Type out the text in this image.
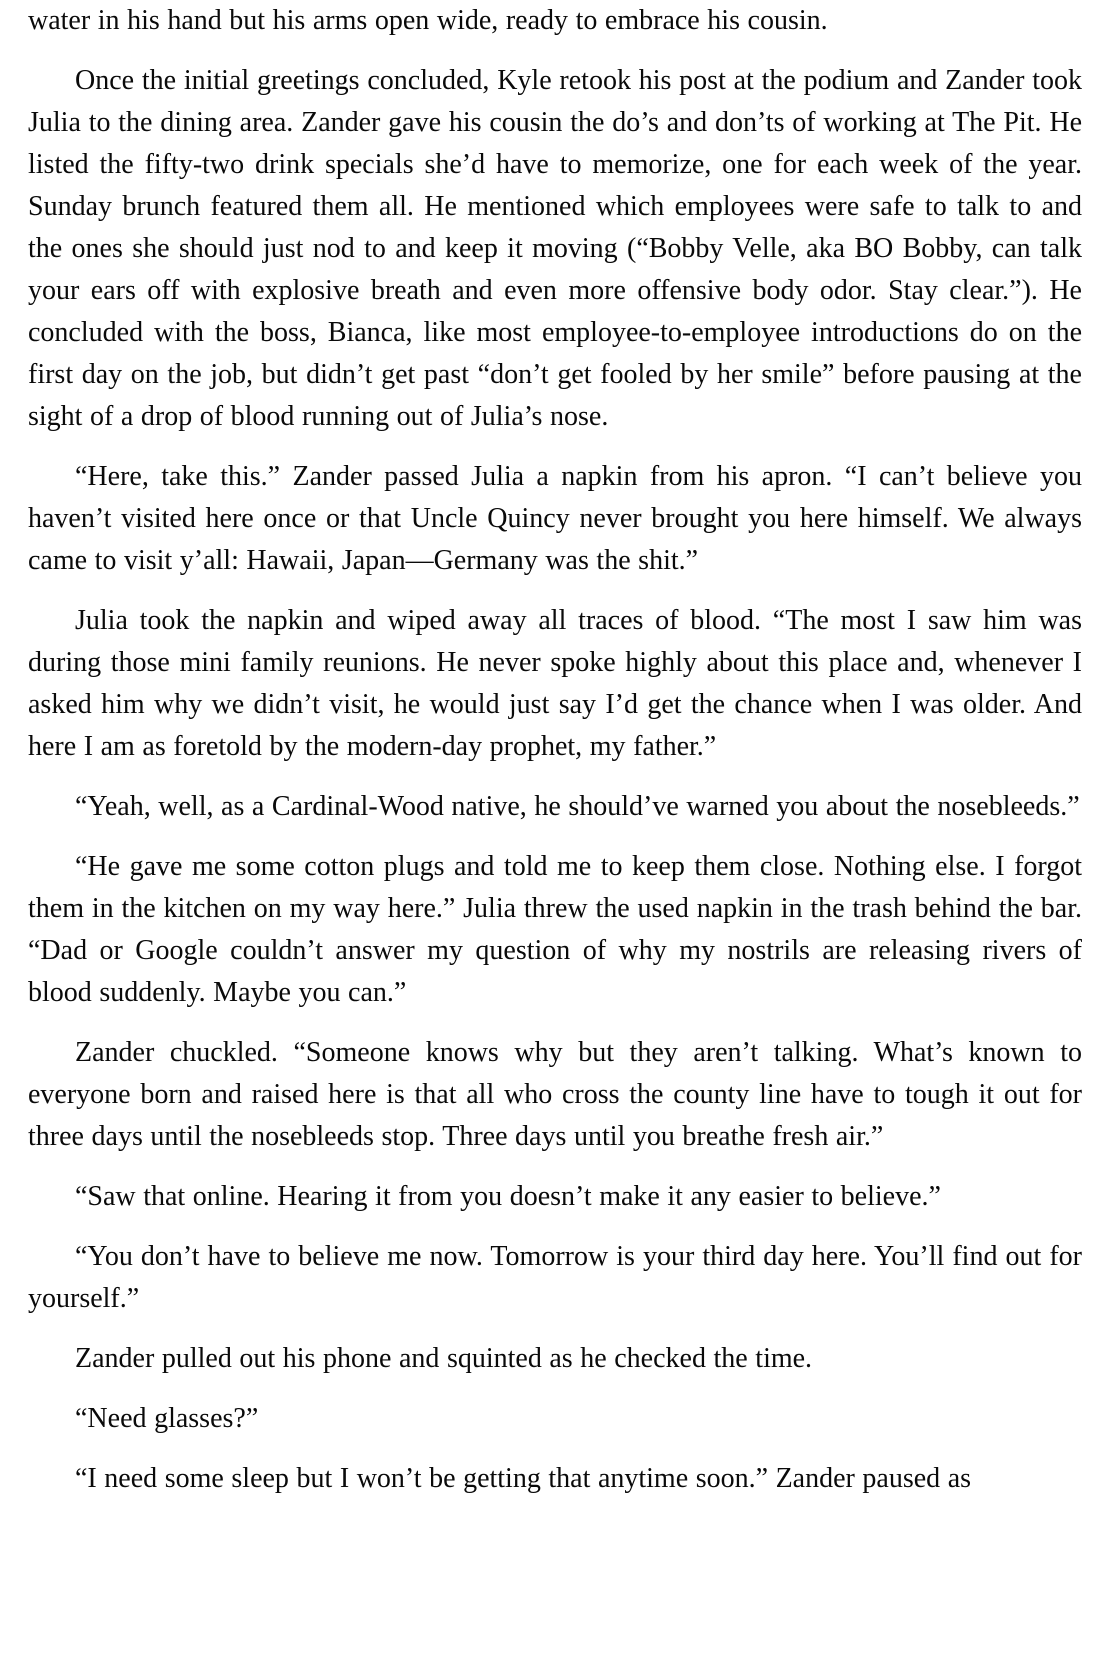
water in his hand but his arms open wide, ready to embrace his cousin.

Once the initial greetings concluded, Kyle retook his post at the podium and Zander took Julia to the dining area. Zander gave his cousin the do’s and don’ts of working at The Pit. He listed the fifty-two drink specials she’d have to memorize, one for each week of the year. Sunday brunch featured them all. He mentioned which employees were safe to talk to and the ones she should just nod to and keep it moving (“Bobby Velle, aka BO Bobby, can talk your ears off with explosive breath and even more offensive body odor. Stay clear.”). He concluded with the boss, Bianca, like most employee-to-employee introductions do on the first day on the job, but didn’t get past “don’t get fooled by her smile” before pausing at the sight of a drop of blood running out of Julia’s nose.

“Here, take this.” Zander passed Julia a napkin from his apron. “I can’t believe you haven’t visited here once or that Uncle Quincy never brought you here himself. We always came to visit y’all: Hawaii, Japan—Germany was the shit.”

Julia took the napkin and wiped away all traces of blood. “The most I saw him was during those mini family reunions. He never spoke highly about this place and, whenever I asked him why we didn’t visit, he would just say I’d get the chance when I was older. And here I am as foretold by the modern-day prophet, my father.”

“Yeah, well, as a Cardinal-Wood native, he should’ve warned you about the nosebleeds.”

“He gave me some cotton plugs and told me to keep them close. Nothing else. I forgot them in the kitchen on my way here.” Julia threw the used napkin in the trash behind the bar. “Dad or Google couldn’t answer my question of why my nostrils are releasing rivers of blood suddenly. Maybe you can.”

Zander chuckled. “Someone knows why but they aren’t talking. What’s known to everyone born and raised here is that all who cross the county line have to tough it out for three days until the nosebleeds stop. Three days until you breathe fresh air.”

“Saw that online. Hearing it from you doesn’t make it any easier to believe.”

“You don’t have to believe me now. Tomorrow is your third day here. You’ll find out for yourself.”

Zander pulled out his phone and squinted as he checked the time.

“Need glasses?”

“I need some sleep but I won’t be getting that anytime soon.” Zander paused as
